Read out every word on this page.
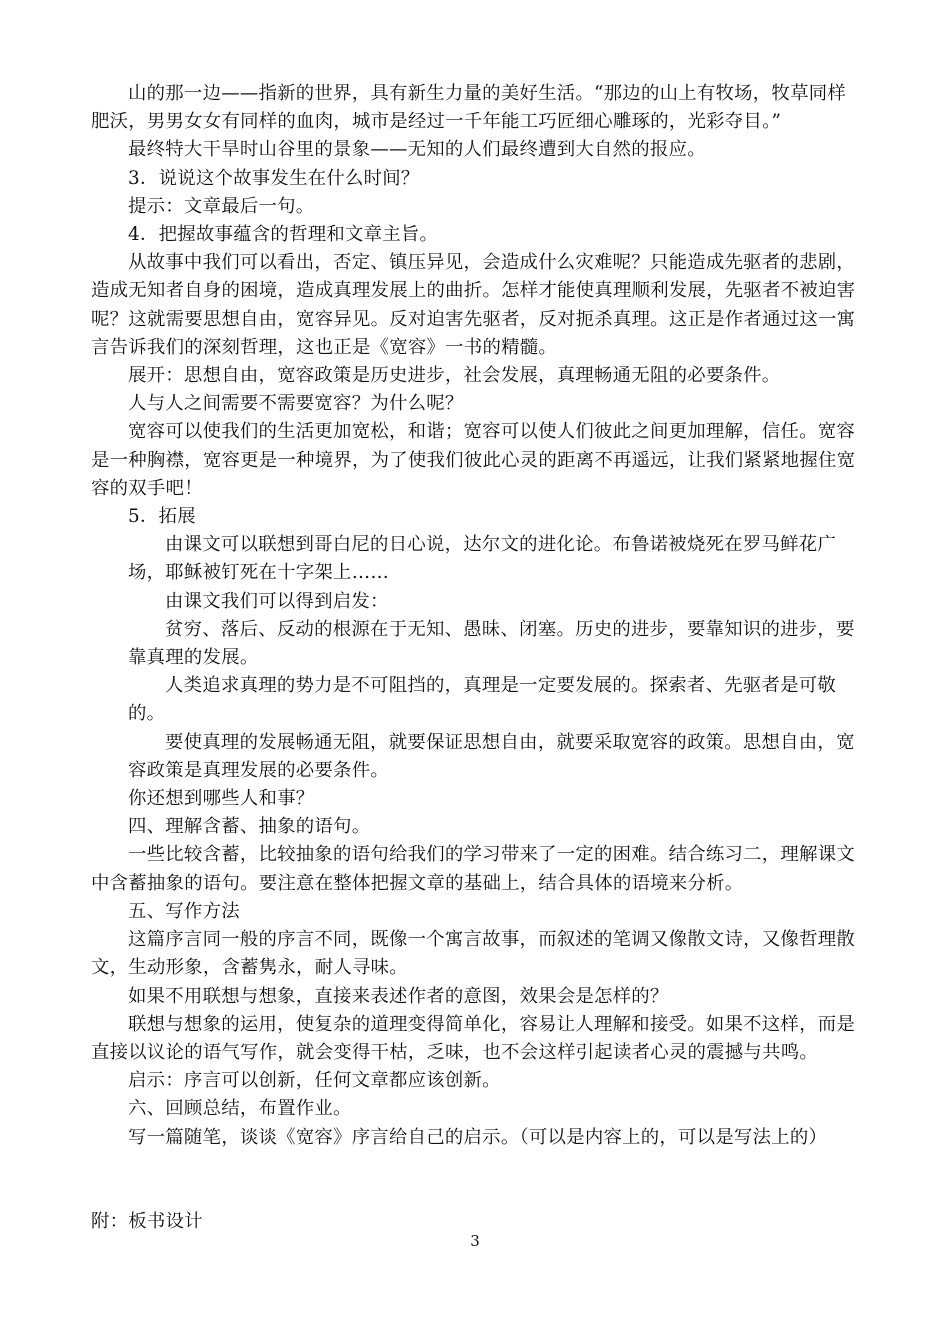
山的那一边——指新的世界，具有新生力量的美好生活。“那边的山上有牧场，牧草同样肥沃，男男女女有同样的血肉，城市是经过一千年能工巧匠细心雕琢的，光彩夺目。”

最终特大干旱时山谷里的景象——无知的人们最终遭到大自然的报应。

3．说说这个故事发生在什么时间？

提示：文章最后一句。

4．把握故事蕴含的哲理和文章主旨。

从故事中我们可以看出，否定、镇压异见，会造成什么灾难呢？只能造成先驱者的悲剧，造成无知者自身的困境，造成真理发展上的曲折。怎样才能使真理顺利发展，先驱者不被迫害呢？这就需要思想自由，宽容异见。反对迫害先驱者，反对扼杀真理。这正是作者通过这一寓言告诉我们的深刻哲理，这也正是《宽容》一书的精髓。

展开：思想自由，宽容政策是历史进步，社会发展，真理畅通无阻的必要条件。

人与人之间需要不需要宽容？为什么呢？

宽容可以使我们的生活更加宽松，和谐；宽容可以使人们彼此之间更加理解，信任。宽容是一种胸襟，宽容更是一种境界，为了使我们彼此心灵的距离不再遥远，让我们紧紧地握住宽容的双手吧！

5．拓展

由课文可以联想到哥白尼的日心说，达尔文的进化论。布鲁诺被烧死在罗马鲜花广场，耶稣被钉死在十字架上……

由课文我们可以得到启发：

贫穷、落后、反动的根源在于无知、愚昧、闭塞。历史的进步，要靠知识的进步，要靠真理的发展。

人类追求真理的势力是不可阻挡的，真理是一定要发展的。探索者、先驱者是可敬的。

要使真理的发展畅通无阻，就要保证思想自由，就要采取宽容的政策。思想自由，宽容政策是真理发展的必要条件。

你还想到哪些人和事？

四、理解含蓄、抽象的语句。

一些比较含蓄，比较抽象的语句给我们的学习带来了一定的困难。结合练习二，理解课文中含蓄抽象的语句。要注意在整体把握文章的基础上，结合具体的语境来分析。

五、写作方法

这篇序言同一般的序言不同，既像一个寓言故事，而叙述的笔调又像散文诗，又像哲理散文，生动形象，含蓄隽永，耐人寻味。

如果不用联想与想象，直接来表述作者的意图，效果会是怎样的？

联想与想象的运用，使复杂的道理变得简单化，容易让人理解和接受。如果不这样，而是直接以议论的语气写作，就会变得干枯，乏味，也不会这样引起读者心灵的震撼与共鸣。

启示：序言可以创新，任何文章都应该创新。

六、回顾总结，布置作业。

写一篇随笔，谈谈《宽容》序言给自己的启示。（可以是内容上的，可以是写法上的）

附：板书设计

3
